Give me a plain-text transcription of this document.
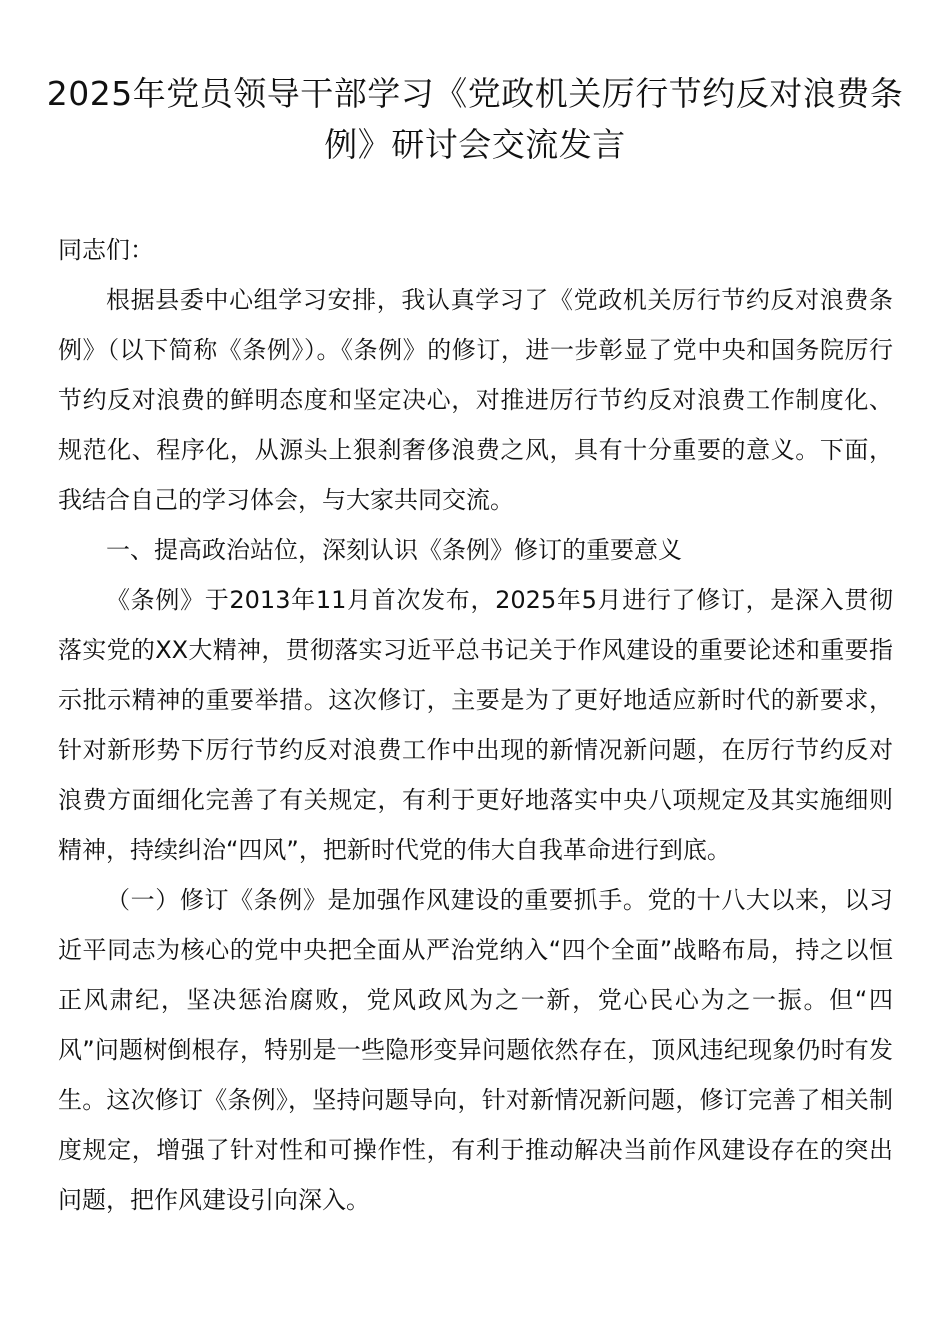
2025年党员领导干部学习《党政机关厉行节约反对浪费条例》研讨会交流发言

同志们：

根据县委中心组学习安排，我认真学习了《党政机关厉行节约反对浪费条例》（以下简称《条例》）。《条例》的修订，进一步彰显了党中央和国务院厉行节约反对浪费的鲜明态度和坚定决心，对推进厉行节约反对浪费工作制度化、规范化、程序化，从源头上狠刹奢侈浪费之风，具有十分重要的意义。下面，我结合自己的学习体会，与大家共同交流。

一、提高政治站位，深刻认识《条例》修订的重要意义

《条例》于2013年11月首次发布，2025年5月进行了修订，是深入贯彻落实党的XX大精神，贯彻落实习近平总书记关于作风建设的重要论述和重要指示批示精神的重要举措。这次修订，主要是为了更好地适应新时代的新要求，针对新形势下厉行节约反对浪费工作中出现的新情况新问题，在厉行节约反对浪费方面细化完善了有关规定，有利于更好地落实中央八项规定及其实施细则精神，持续纠治“四风”，把新时代党的伟大自我革命进行到底。

（一）修订《条例》是加强作风建设的重要抓手。党的十八大以来，以习近平同志为核心的党中央把全面从严治党纳入“四个全面”战略布局，持之以恒正风肃纪，坚决惩治腐败，党风政风为之一新，党心民心为之一振。但“四风”问题树倒根存，特别是一些隐形变异问题依然存在，顶风违纪现象仍时有发生。这次修订《条例》，坚持问题导向，针对新情况新问题，修订完善了相关制度规定，增强了针对性和可操作性，有利于推动解决当前作风建设存在的突出问题，把作风建设引向深入。
